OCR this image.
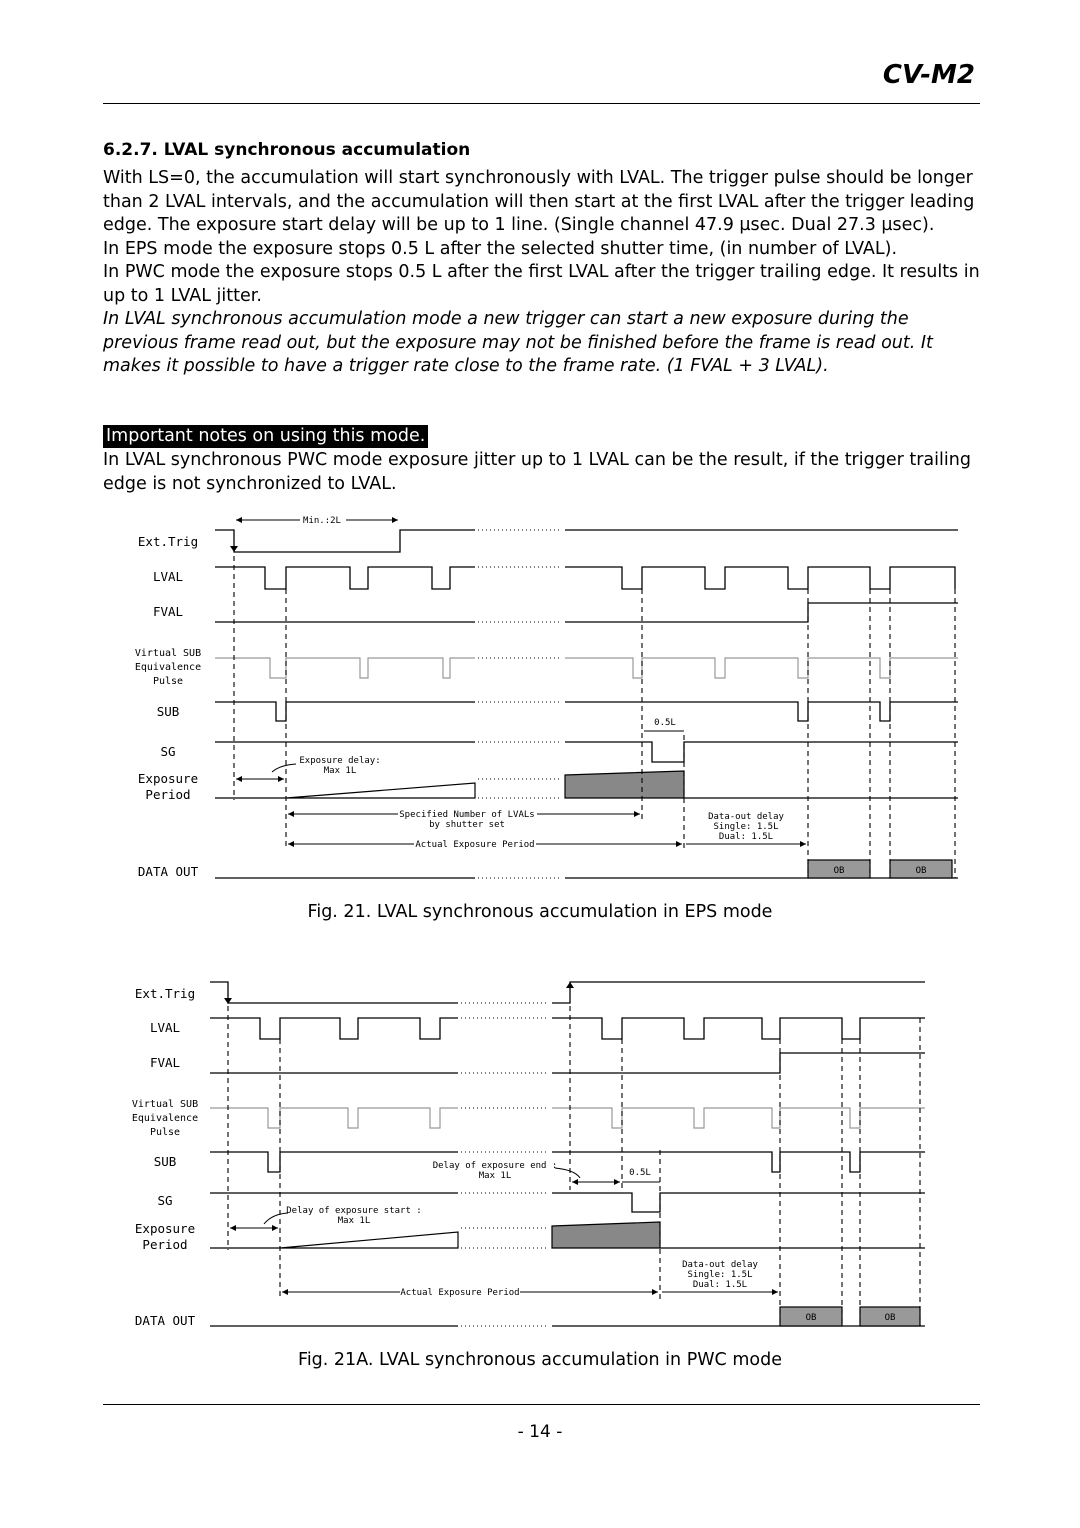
CV-M2
6.2.7. LVAL synchronous accumulation

With LS=0, the accumulation will start synchronously with LVAL. The trigger pulse should be longer than 2 LVAL intervals, and the accumulation will then start at the first LVAL after the trigger leading edge. The exposure start delay will be up to 1 line. (Single channel 47.9 µsec. Dual 27.3 µsec).

In EPS mode the exposure stops 0.5 L after the selected shutter time, (in number of LVAL).

In PWC mode the exposure stops 0.5 L after the first LVAL after the trigger trailing edge. It results in up to 1 LVAL jitter.

In LVAL synchronous accumulation mode a new trigger can start a new exposure during the previous frame read out, but the exposure may not be finished before the frame is read out. It makes it possible to have a trigger rate close to the frame rate. (1 FVAL + 3 LVAL).

Important notes on using this mode.
In LVAL synchronous PWC mode exposure jitter up to 1 LVAL can be the result, if the trigger trailing edge is not synchronized to LVAL.
Ext.Trig
LVAL
FVAL
Virtual SUB
Equivalence
Pulse
SUB
SG
Exposure
Period
DATA OUT
Min.:2L
0.5L
Exposure delay:
Max 1L
Specified Number of LVALs
by shutter set
Actual Exposure Period
Data-out delay
Single: 1.5L
Dual: 1.5L
OB	OB
Fig. 21. LVAL synchronous accumulation in EPS mode
Ext.Trig
LVAL
FVAL
Virtual SUB
Equivalence
Pulse
SUB
SG
Exposure
Period
DATA OUT
Delay of exposure end :
Max 1L	0.5L
Delay of exposure start :
Max 1L
Data-out delay
Single: 1.5L
Dual: 1.5L
Actual Exposure Period
OB	OB
Fig. 21A. LVAL synchronous accumulation in PWC mode
- 14 -
